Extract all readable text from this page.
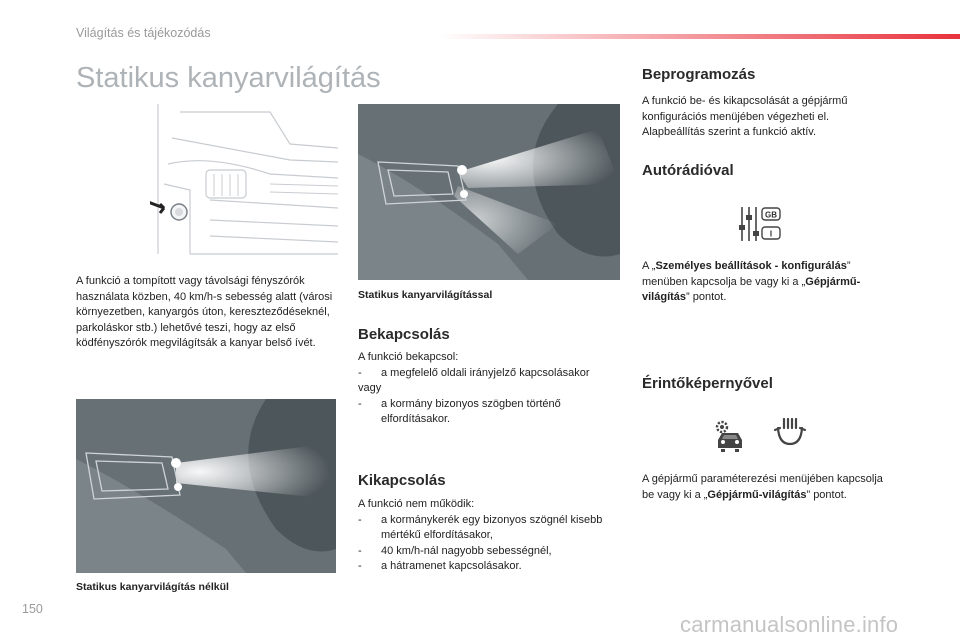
Világítás és tájékozódás
Statikus kanyarvilágítás
A funkció a tompított vagy távolsági fényszórók használata közben, 40 km/h-s sebesség alatt (városi környezetben, kanyargós úton, kereszteződéseknél, parkoláskor stb.) lehetővé teszi, hogy az első ködfényszórók megvilágítsák a kanyar belső ívét.
Statikus kanyarvilágítással
Statikus kanyarvilágítás nélkül
Bekapcsolás
A funkció bekapcsol:
- a megfelelő oldali irányjelző kapcsolásakor
vagy
- a kormány bizonyos szögben történő elfordításakor.
Kikapcsolás
A funkció nem működik:
- a kormánykerék egy bizonyos szögnél kisebb mértékű elfordításakor,
- 40 km/h-nál nagyobb sebességnél,
- a hátramenet kapcsolásakor.
Beprogramozás
A funkció be- és kikapcsolását a gépjármű konfigurációs menüjében végezheti el. Alapbeállítás szerint a funkció aktív.
Autórádióval
GB
I
A „Személyes beállítások - konfigurálás” menüben kapcsolja be vagy ki a „Gépjármű-világítás” pontot.
Érintőképernyővel
A gépjármű paraméterezési menüjében kapcsolja be vagy ki a „Gépjármű-világítás” pontot.
150
carmanualsonline.info
